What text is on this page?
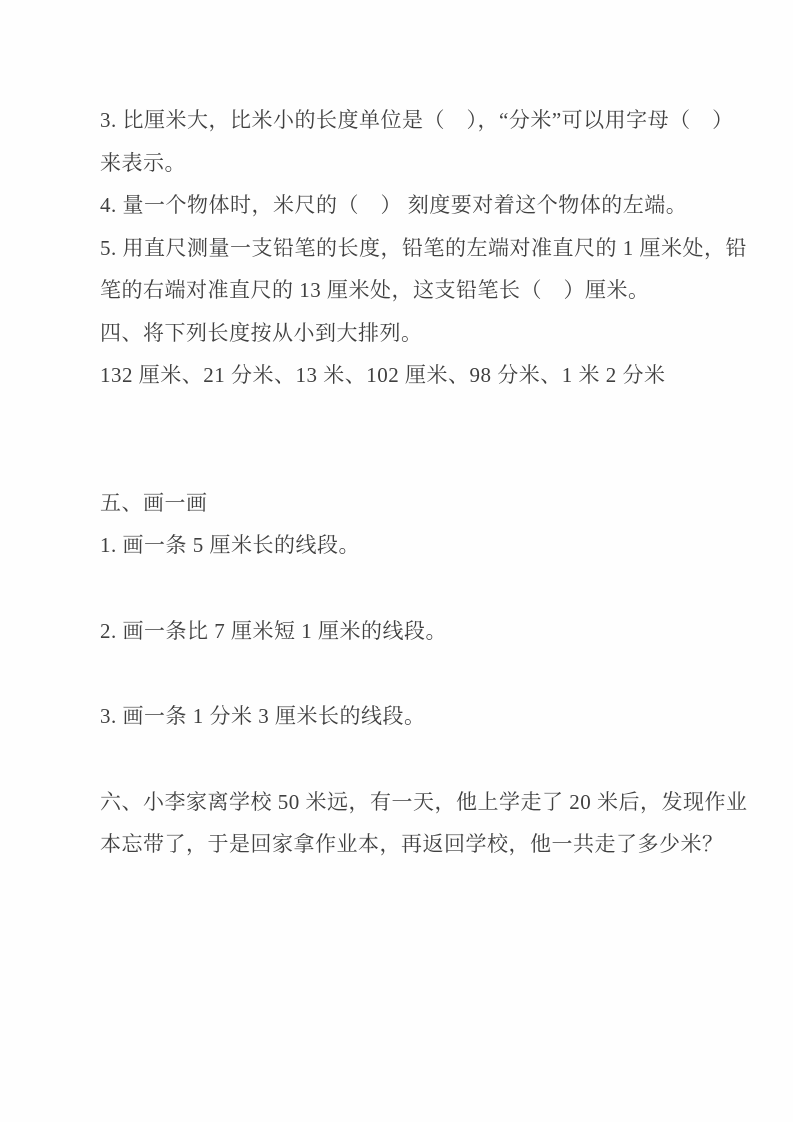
3. 比厘米大，比米小的长度单位是（　），“分米”可以用字母（　）
来表示。
4. 量一个物体时，米尺的（　） 刻度要对着这个物体的左端。
5. 用直尺测量一支铅笔的长度，铅笔的左端对准直尺的 1 厘米处，铅
笔的右端对准直尺的 13 厘米处，这支铅笔长（　）厘米。
四、将下列长度按从小到大排列。
132 厘米、21 分米、13 米、102 厘米、98 分米、1 米 2 分米
五、画一画
1. 画一条 5 厘米长的线段。
2. 画一条比 7 厘米短 1 厘米的线段。
3. 画一条 1 分米 3 厘米长的线段。
六、小李家离学校 50 米远，有一天，他上学走了 20 米后，发现作业
本忘带了，于是回家拿作业本，再返回学校，他一共走了多少米？
